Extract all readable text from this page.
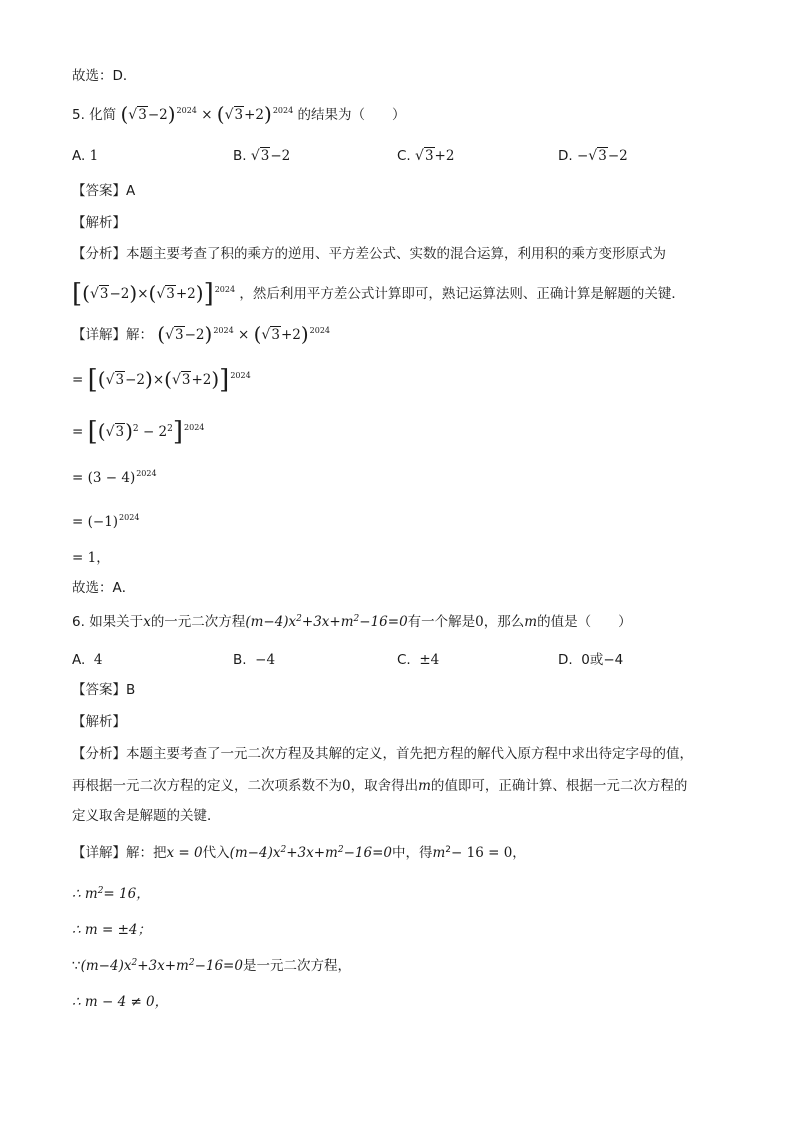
故选：D．
5. 化简 $(√3-2)^{2024} \times (√3+2)^{2024}$ 的结果为（　　）
A. 1	B. √3−2	C. √3+2	D. −√3−2
【答案】A
【解析】
【分析】本题主要考查了积的乘方的逆用、平方差公式、实数的混合运算，利用积的乘方变形原式为
$[(√3-2)\times(√3+2)]^{2024}$ ，然后利用平方差公式计算即可，熟记运算法则、正确计算是解题的关键．
【详解】解： $(√3-2)^{2024} \times (√3+2)^{2024}$
= $[(√3-2)\times(√3+2)]^{2024}$
= $[(√3)^2 - 2^2]^{2024}$
= $(3 - 4)^{2024}$
= $(-1)^{2024}$
= 1，
故选：A．
6. 如果关于x的一元二次方程$(m-4)x^2+3x+m^2-16=0$有一个解是0，那么m的值是（　　）
A. 4	B. −4	C. ±4	D. 0或−4
【答案】B
【解析】
【分析】本题主要考查了一元二次方程及其解的定义，首先把方程的解代入原方程中求出待定字母的值，
再根据一元二次方程的定义，二次项系数不为0，取舍得出m的值即可，正确计算、根据一元二次方程的
定义取舍是解题的关键．
【详解】解：把x = 0代入$(m-4)x^2+3x+m^2-16=0$中，得$m^2- 16 = 0$，
∴ $m^2= 16$，
∴ m = ±4；
$\because(m-4)x^2+3x+m^2-16=0$是一元二次方程，
∴ m − 4 ≠ 0，
